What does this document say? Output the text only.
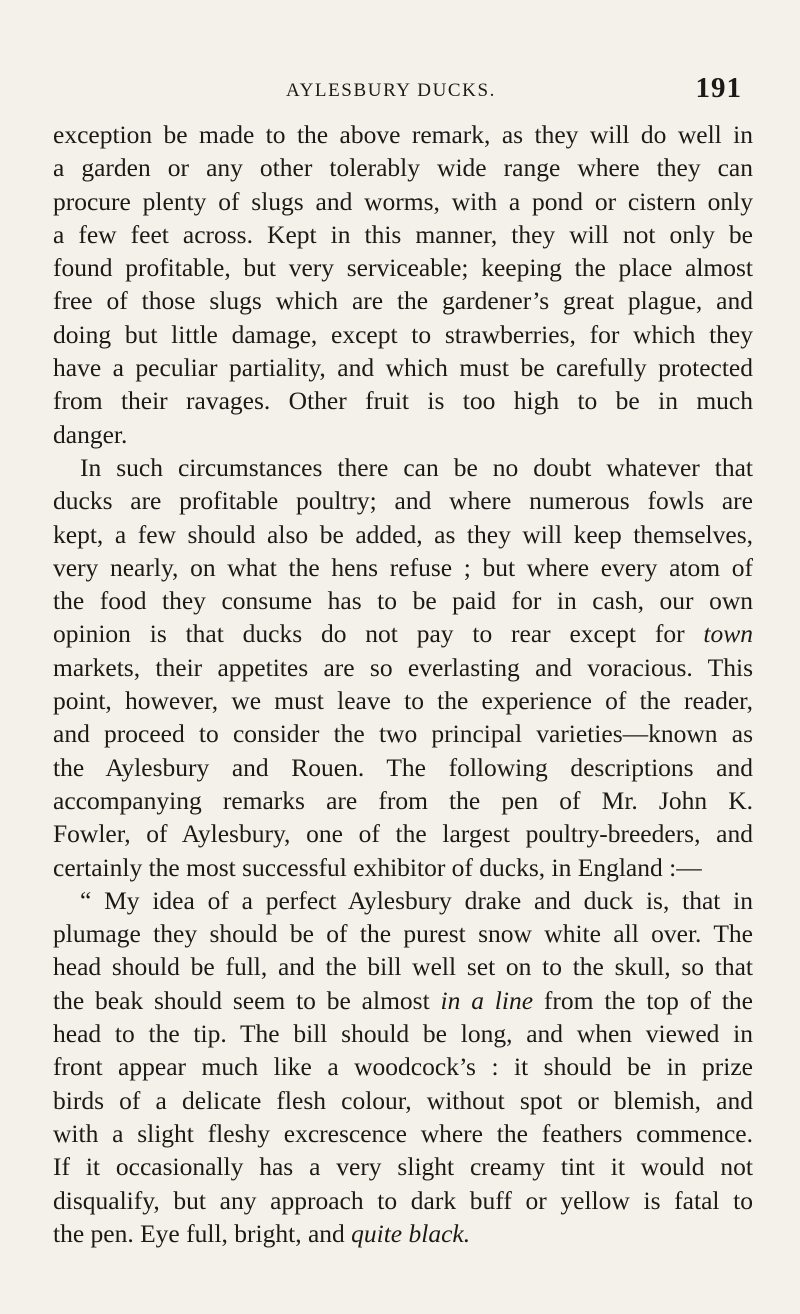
AYLESBURY DUCKS.	191
exception be made to the above remark, as they will do well in
a garden or any other tolerably wide range where they can
procure plenty of slugs and worms, with a pond or cistern only
a few feet across. Kept in this manner, they will not only be
found profitable, but very serviceable; keeping the place almost
free of those slugs which are the gardener’s great plague, and
doing but little damage, except to strawberries, for which they
have a peculiar partiality, and which must be carefully protected
from their ravages. Other fruit is too high to be in much
danger.
In such circumstances there can be no doubt whatever that
ducks are profitable poultry; and where numerous fowls are
kept, a few should also be added, as they will keep themselves,
very nearly, on what the hens refuse ; but where every atom of
the food they consume has to be paid for in cash, our own
opinion is that ducks do not pay to rear except for town
markets, their appetites are so everlasting and voracious. This
point, however, we must leave to the experience of the reader,
and proceed to consider the two principal varieties—known as
the Aylesbury and Rouen. The following descriptions and
accompanying remarks are from the pen of Mr. John K.
Fowler, of Aylesbury, one of the largest poultry-breeders, and
certainly the most successful exhibitor of ducks, in England :—
“ My idea of a perfect Aylesbury drake and duck is, that in
plumage they should be of the purest snow white all over. The
head should be full, and the bill well set on to the skull, so that
the beak should seem to be almost in a line from the top of the
head to the tip. The bill should be long, and when viewed in
front appear much like a woodcock’s : it should be in prize
birds of a delicate flesh colour, without spot or blemish, and
with a slight fleshy excrescence where the feathers commence.
If it occasionally has a very slight creamy tint it would not
disqualify, but any approach to dark buff or yellow is fatal to
the pen. Eye full, bright, and quite black.
